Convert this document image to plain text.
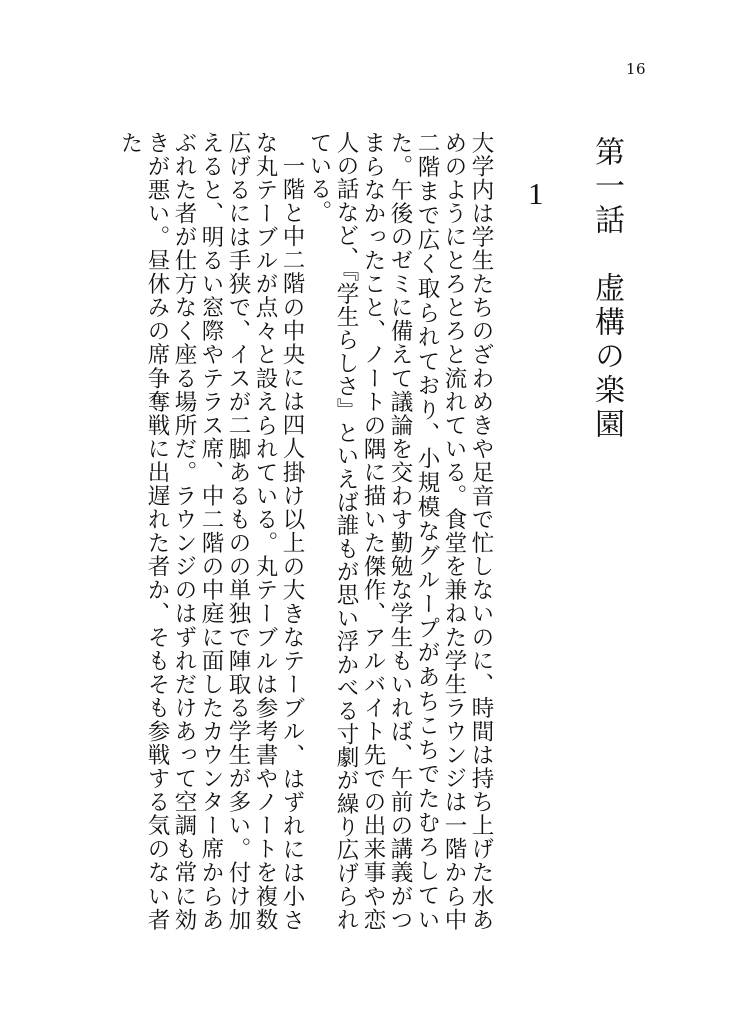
16
第一話　虚構の楽園
1

大学内は学生たちのざわめきや足音で忙しないのに、時間は持ち上げた水あめのようにとろとろと流れている。食堂を兼ねた学生ラウンジは一階から中二階まで広く取られており、小規模なグループがあちこちでたむろしていた。午後のゼミに備えて議論を交わす勤勉な学生もいれば、午前の講義がつまらなかったこと、ノートの隅に描いた傑作、アルバイト先での出来事や恋人の話など、『学生らしさ』といえば誰もが思い浮かべる寸劇が繰り広げられている。

一階と中二階の中央には四人掛け以上の大きなテーブル、はずれには小さな丸テーブルが点々と設えられている。丸テーブルは参考書やノートを複数広げるには手狭で、イスが二脚あるものの単独で陣取る学生が多い。付け加えると、明るい窓際やテラス席、中二階の中庭に面したカウンター席からあぶれた者が仕方なく座る場所だ。ラウンジのはずれだけあって空調も常に効きが悪い。昼休みの席争奪戦に出遅れた者か、そもそも参戦する気のない者た
